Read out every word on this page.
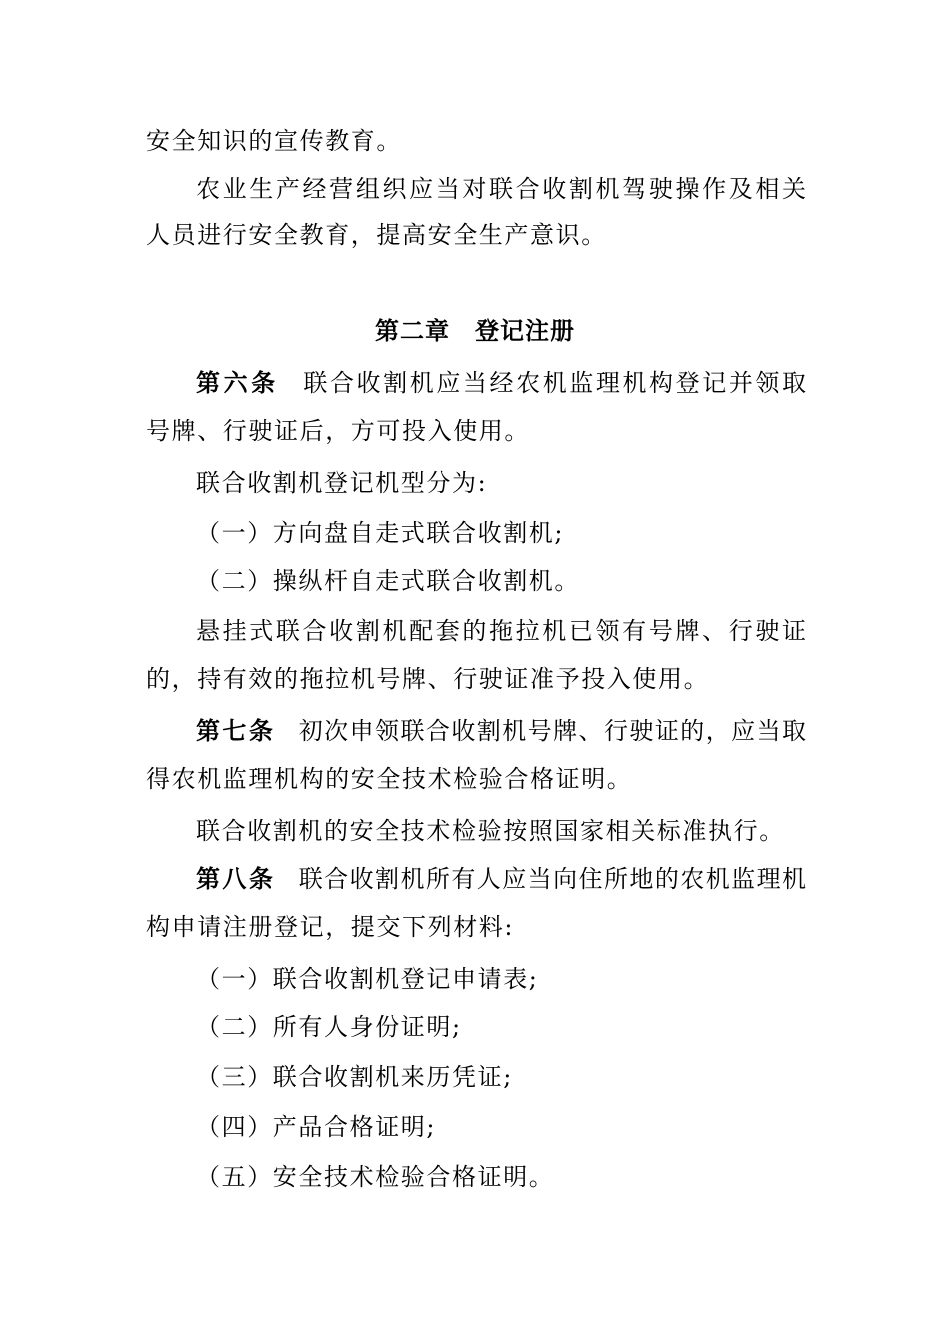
安全知识的宣传教育。
农业生产经营组织应当对联合收割机驾驶操作及相关
人员进行安全教育，提高安全生产意识。
第二章　登记注册
第六条 联合收割机应当经农机监理机构登记并领取
号牌、行驶证后，方可投入使用。
联合收割机登记机型分为:
（一）方向盘自走式联合收割机;
（二）操纵杆自走式联合收割机。
悬挂式联合收割机配套的拖拉机已领有号牌、行驶证
的，持有效的拖拉机号牌、行驶证准予投入使用。
第七条 初次申领联合收割机号牌、行驶证的，应当取
得农机监理机构的安全技术检验合格证明。
联合收割机的安全技术检验按照国家相关标准执行。
第八条 联合收割机所有人应当向住所地的农机监理机
构申请注册登记，提交下列材料:
（一）联合收割机登记申请表;
（二）所有人身份证明;
（三）联合收割机来历凭证;
（四）产品合格证明;
（五）安全技术检验合格证明。
